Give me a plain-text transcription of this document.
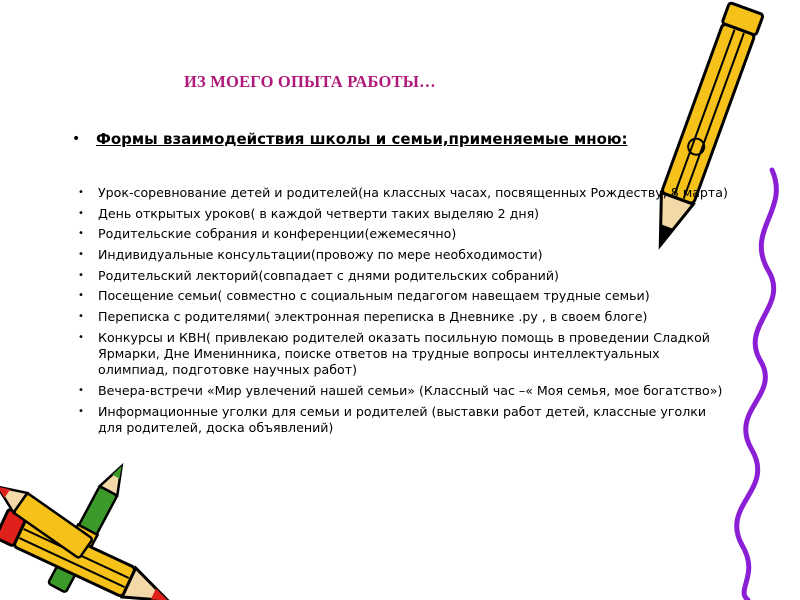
ИЗ МОЕГО ОПЫТА РАБОТЫ…
•	Формы взаимодействия школы и семьи,применяемые мною:
•	Урок-соревнование детей и родителей(на классных часах, посвященных Рождеству, 8 марта)
•	День открытых уроков( в каждой четверти таких выделяю 2 дня)
•	Родительские собрания и конференции(ежемесячно)
•	Индивидуальные консультации(провожу по мере необходимости)
•	Родительский лекторий(совпадает с днями родительских собраний)
•	Посещение семьи( совместно с социальным педагогом навещаем трудные семьи)
•	Переписка с родителями( электронная переписка в Дневнике .ру , в своем блоге)
•	Конкурсы и КВН( привлекаю родителей оказать посильную помощь в проведении Сладкой Ярмарки, Дне Именинника, поиске ответов на трудные вопросы интеллектуальных олимпиад, подготовке научных работ)
•	Вечера-встречи «Мир увлечений нашей семьи» (Классный час –« Моя семья, мое богатство»)
•	Информационные уголки для семьи и родителей (выставки работ детей, классные уголки для родителей, доска объявлений)
